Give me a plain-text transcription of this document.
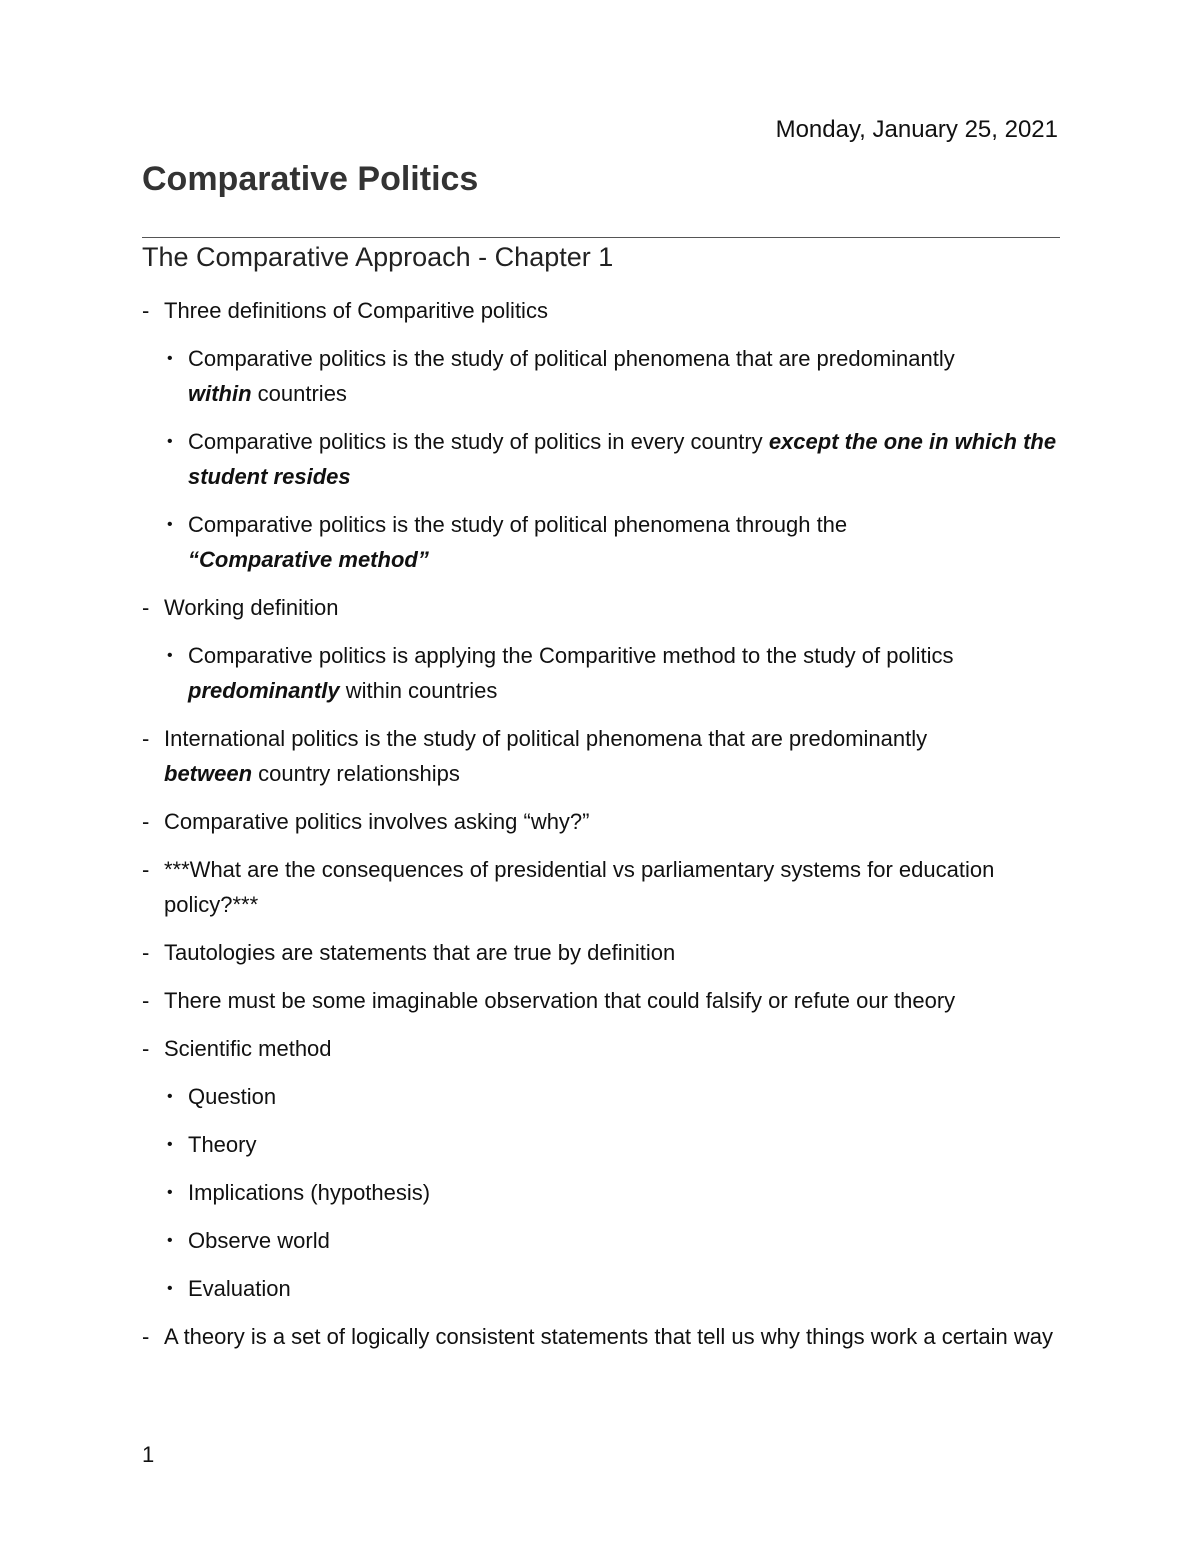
Monday, January 25, 2021
Comparative Politics
The Comparative Approach - Chapter 1
- Three definitions of Comparitive politics
• Comparative politics is the study of political phenomena that are predominantly
within countries
• Comparative politics is the study of politics in every country except the one in which the student resides
• Comparative politics is the study of political phenomena through the
“Comparative method”
- Working definition
• Comparative politics is applying the Comparitive method to the study of politics
predominantly within countries
- International politics is the study of political phenomena that are predominantly
between country relationships
- Comparative politics involves asking “why?”
- ***What are the consequences of presidential vs parliamentary systems for education policy?***
- Tautologies are statements that are true by definition
- There must be some imaginable observation that could falsify or refute our theory
- Scientific method
• Question
• Theory
• Implications (hypothesis)
• Observe world
• Evaluation
- A theory is a set of logically consistent statements that tell us why things work a certain way
1
